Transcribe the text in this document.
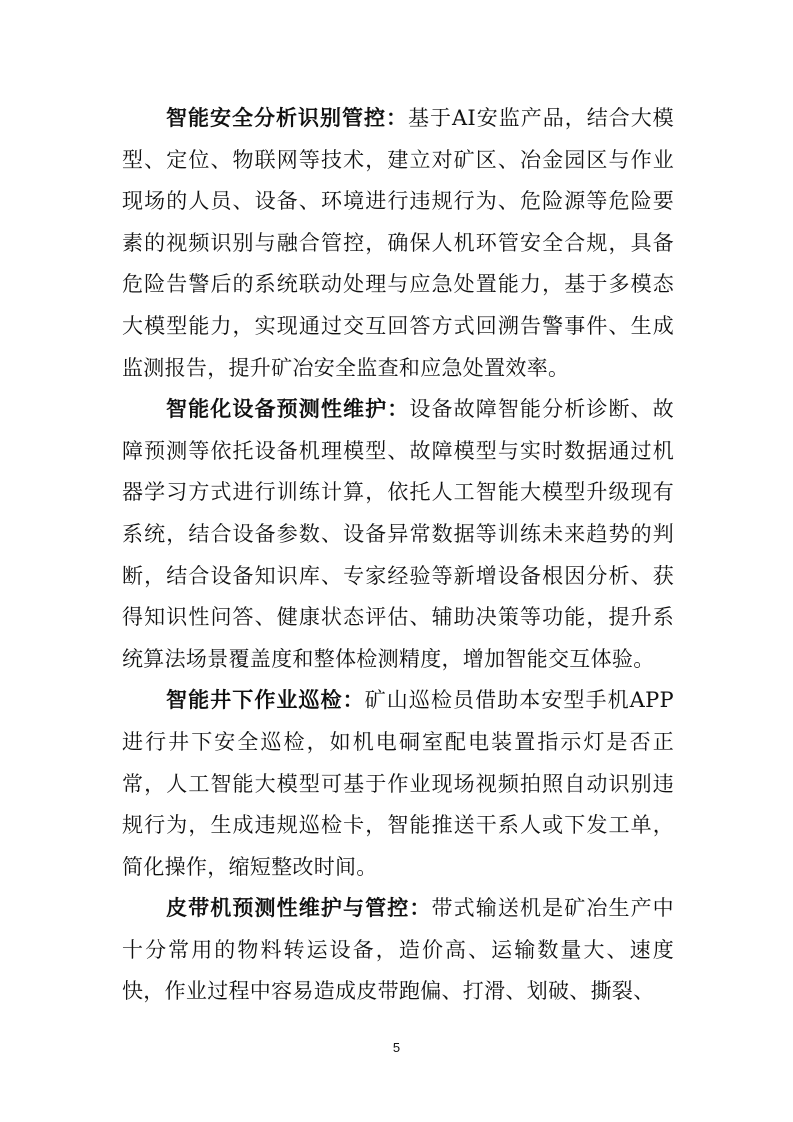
智能安全分析识别管控：基于AI安监产品，结合大模型、定位、物联网等技术，建立对矿区、冶金园区与作业现场的人员、设备、环境进行违规行为、危险源等危险要素的视频识别与融合管控，确保人机环管安全合规，具备危险告警后的系统联动处理与应急处置能力，基于多模态大模型能力，实现通过交互回答方式回溯告警事件、生成监测报告，提升矿冶安全监查和应急处置效率。

智能化设备预测性维护：设备故障智能分析诊断、故障预测等依托设备机理模型、故障模型与实时数据通过机器学习方式进行训练计算，依托人工智能大模型升级现有系统，结合设备参数、设备异常数据等训练未来趋势的判断，结合设备知识库、专家经验等新增设备根因分析、获得知识性问答、健康状态评估、辅助决策等功能，提升系统算法场景覆盖度和整体检测精度，增加智能交互体验。

智能井下作业巡检：矿山巡检员借助本安型手机APP进行井下安全巡检，如机电硐室配电装置指示灯是否正常，人工智能大模型可基于作业现场视频拍照自动识别违规行为，生成违规巡检卡，智能推送干系人或下发工单，简化操作，缩短整改时间。

皮带机预测性维护与管控：带式输送机是矿冶生产中十分常用的物料转运设备，造价高、运输数量大、速度快，作业过程中容易造成皮带跑偏、打滑、划破、撕裂、

5
